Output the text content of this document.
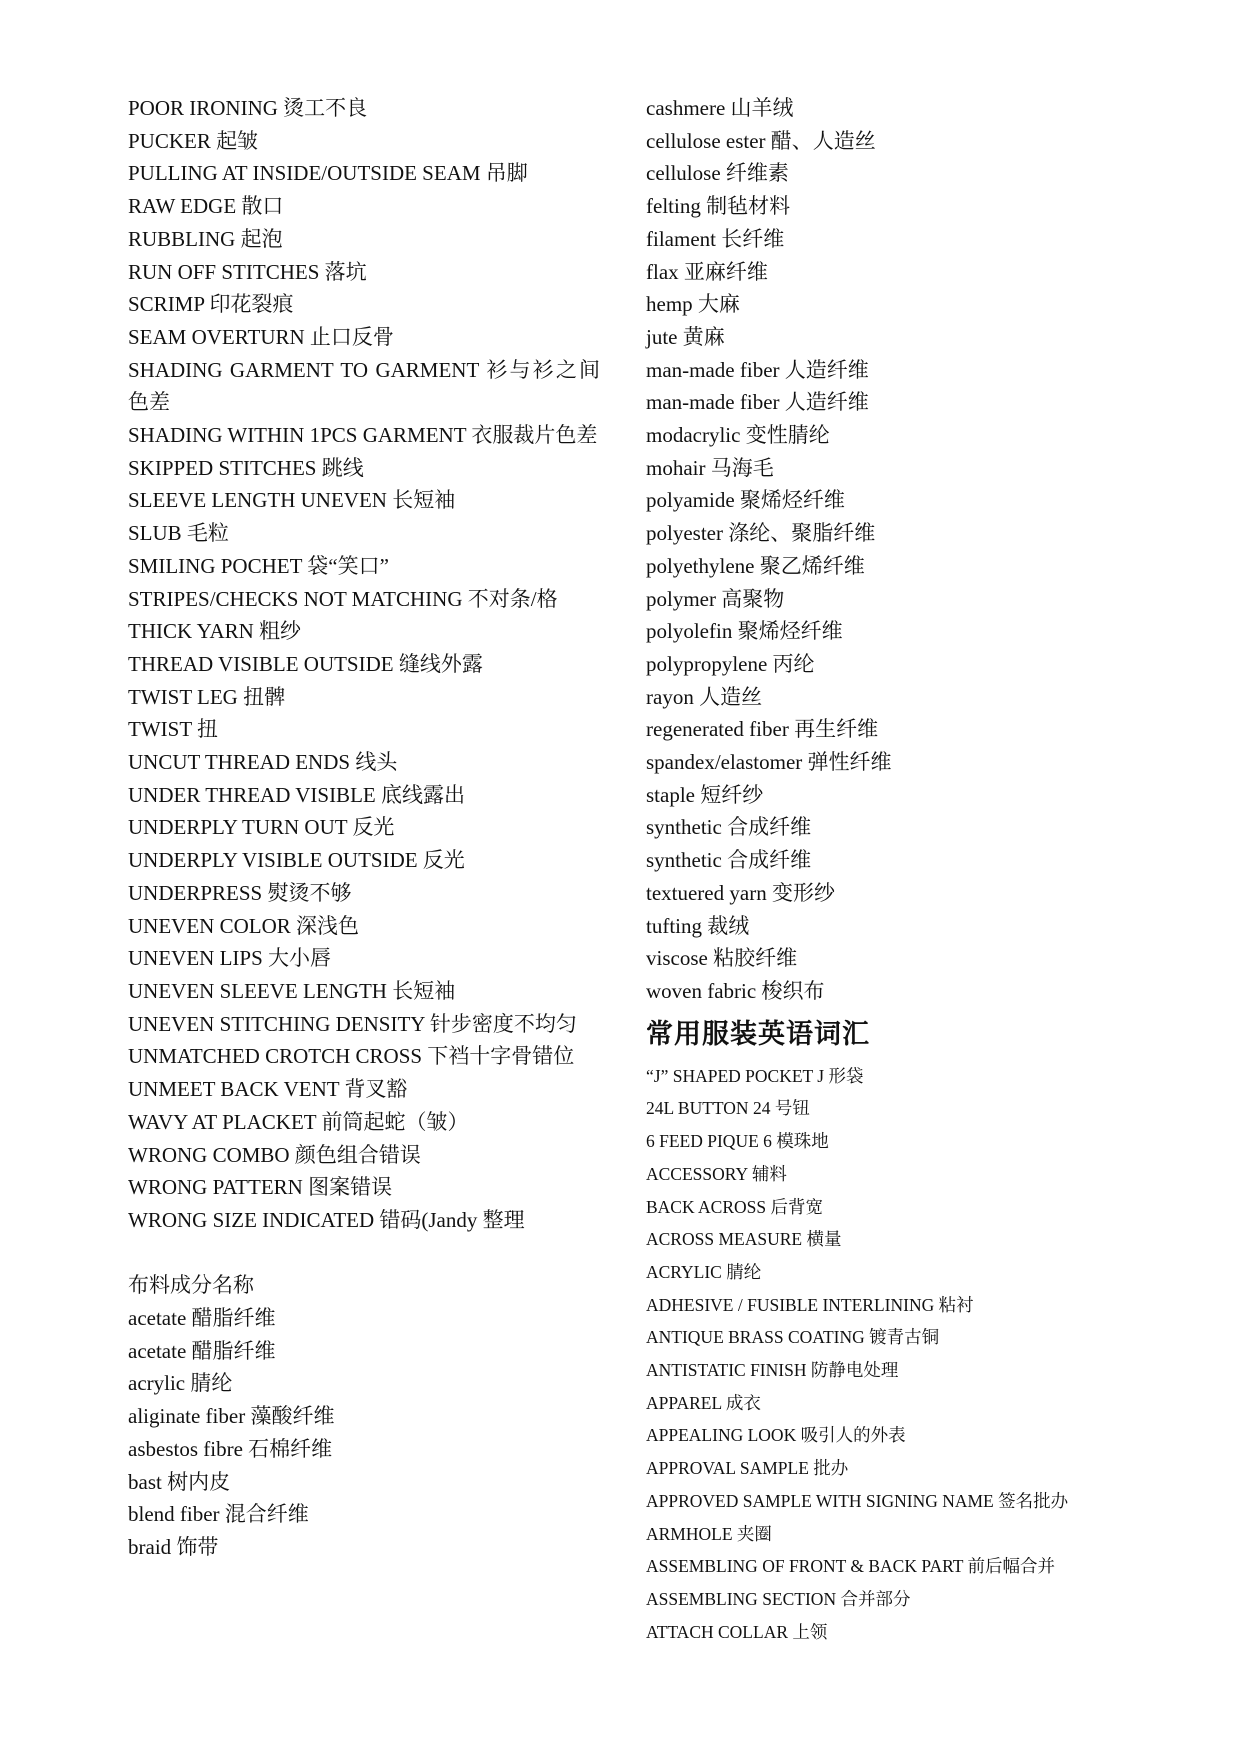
POOR IRONING 烫工不良
PUCKER 起皱
PULLING AT INSIDE/OUTSIDE SEAM 吊脚
RAW EDGE 散口
RUBBLING 起泡
RUN OFF STITCHES 落坑
SCRIMP 印花裂痕
SEAM OVERTURN 止口反骨
SHADING GARMENT TO GARMENT 衫与衫之间色差
SHADING WITHIN 1PCS GARMENT 衣服裁片色差
SKIPPED STITCHES 跳线
SLEEVE LENGTH UNEVEN 长短袖
SLUB 毛粒
SMILING POCHET 袋“笑口”
STRIPES/CHECKS NOT MATCHING 不对条/格
THICK YARN 粗纱
THREAD VISIBLE OUTSIDE 缝线外露
TWIST LEG 扭髀
TWIST 扭
UNCUT THREAD ENDS 线头
UNDER THREAD VISIBLE 底线露出
UNDERPLY TURN OUT 反光
UNDERPLY VISIBLE OUTSIDE 反光
UNDERPRESS 熨烫不够
UNEVEN COLOR 深浅色
UNEVEN LIPS 大小唇
UNEVEN SLEEVE LENGTH 长短袖
UNEVEN STITCHING DENSITY 针步密度不均匀
UNMATCHED CROTCH CROSS 下裆十字骨错位
UNMEET BACK VENT 背叉豁
WAVY AT PLACKET 前筒起蛇（皱）
WRONG COMBO 颜色组合错误
WRONG PATTERN 图案错误
WRONG SIZE INDICATED 错码(Jandy 整理
布料成分名称
acetate 醋脂纤维
acetate 醋脂纤维
acrylic 腈纶
aliginate fiber 藻酸纤维
asbestos fibre 石棉纤维
bast 树内皮
blend fiber 混合纤维
braid 饰带
cashmere 山羊绒
cellulose ester 醋、人造丝
cellulose 纤维素
felting 制毡材料
filament 长纤维
flax 亚麻纤维
hemp 大麻
jute 黄麻
man-made fiber 人造纤维
man-made fiber 人造纤维
modacrylic 变性腈纶
mohair 马海毛
polyamide 聚烯烃纤维
polyester 涤纶、聚脂纤维
polyethylene 聚乙烯纤维
polymer 高聚物
polyolefin 聚烯烃纤维
polypropylene 丙纶
rayon 人造丝
regenerated fiber 再生纤维
spandex/elastomer 弹性纤维
staple 短纤纱
synthetic 合成纤维
synthetic 合成纤维
textuered yarn 变形纱
tufting 裁绒
viscose 粘胶纤维
woven fabric 梭织布
常用服装英语词汇
“J” SHAPED POCKET J 形袋
24L BUTTON 24 号钮
6 FEED PIQUE 6 模珠地
ACCESSORY 辅料
BACK ACROSS 后背宽
ACROSS MEASURE 横量
ACRYLIC 腈纶
ADHESIVE / FUSIBLE INTERLINING 粘衬
ANTIQUE BRASS COATING 镀青古铜
ANTISTATIC FINISH 防静电处理
APPAREL 成衣
APPEALING LOOK 吸引人的外表
APPROVAL SAMPLE 批办
APPROVED SAMPLE WITH SIGNING NAME 签名批办
ARMHOLE 夹圈
ASSEMBLING OF FRONT & BACK PART 前后幅合并
ASSEMBLING SECTION 合并部分
ATTACH COLLAR 上领
